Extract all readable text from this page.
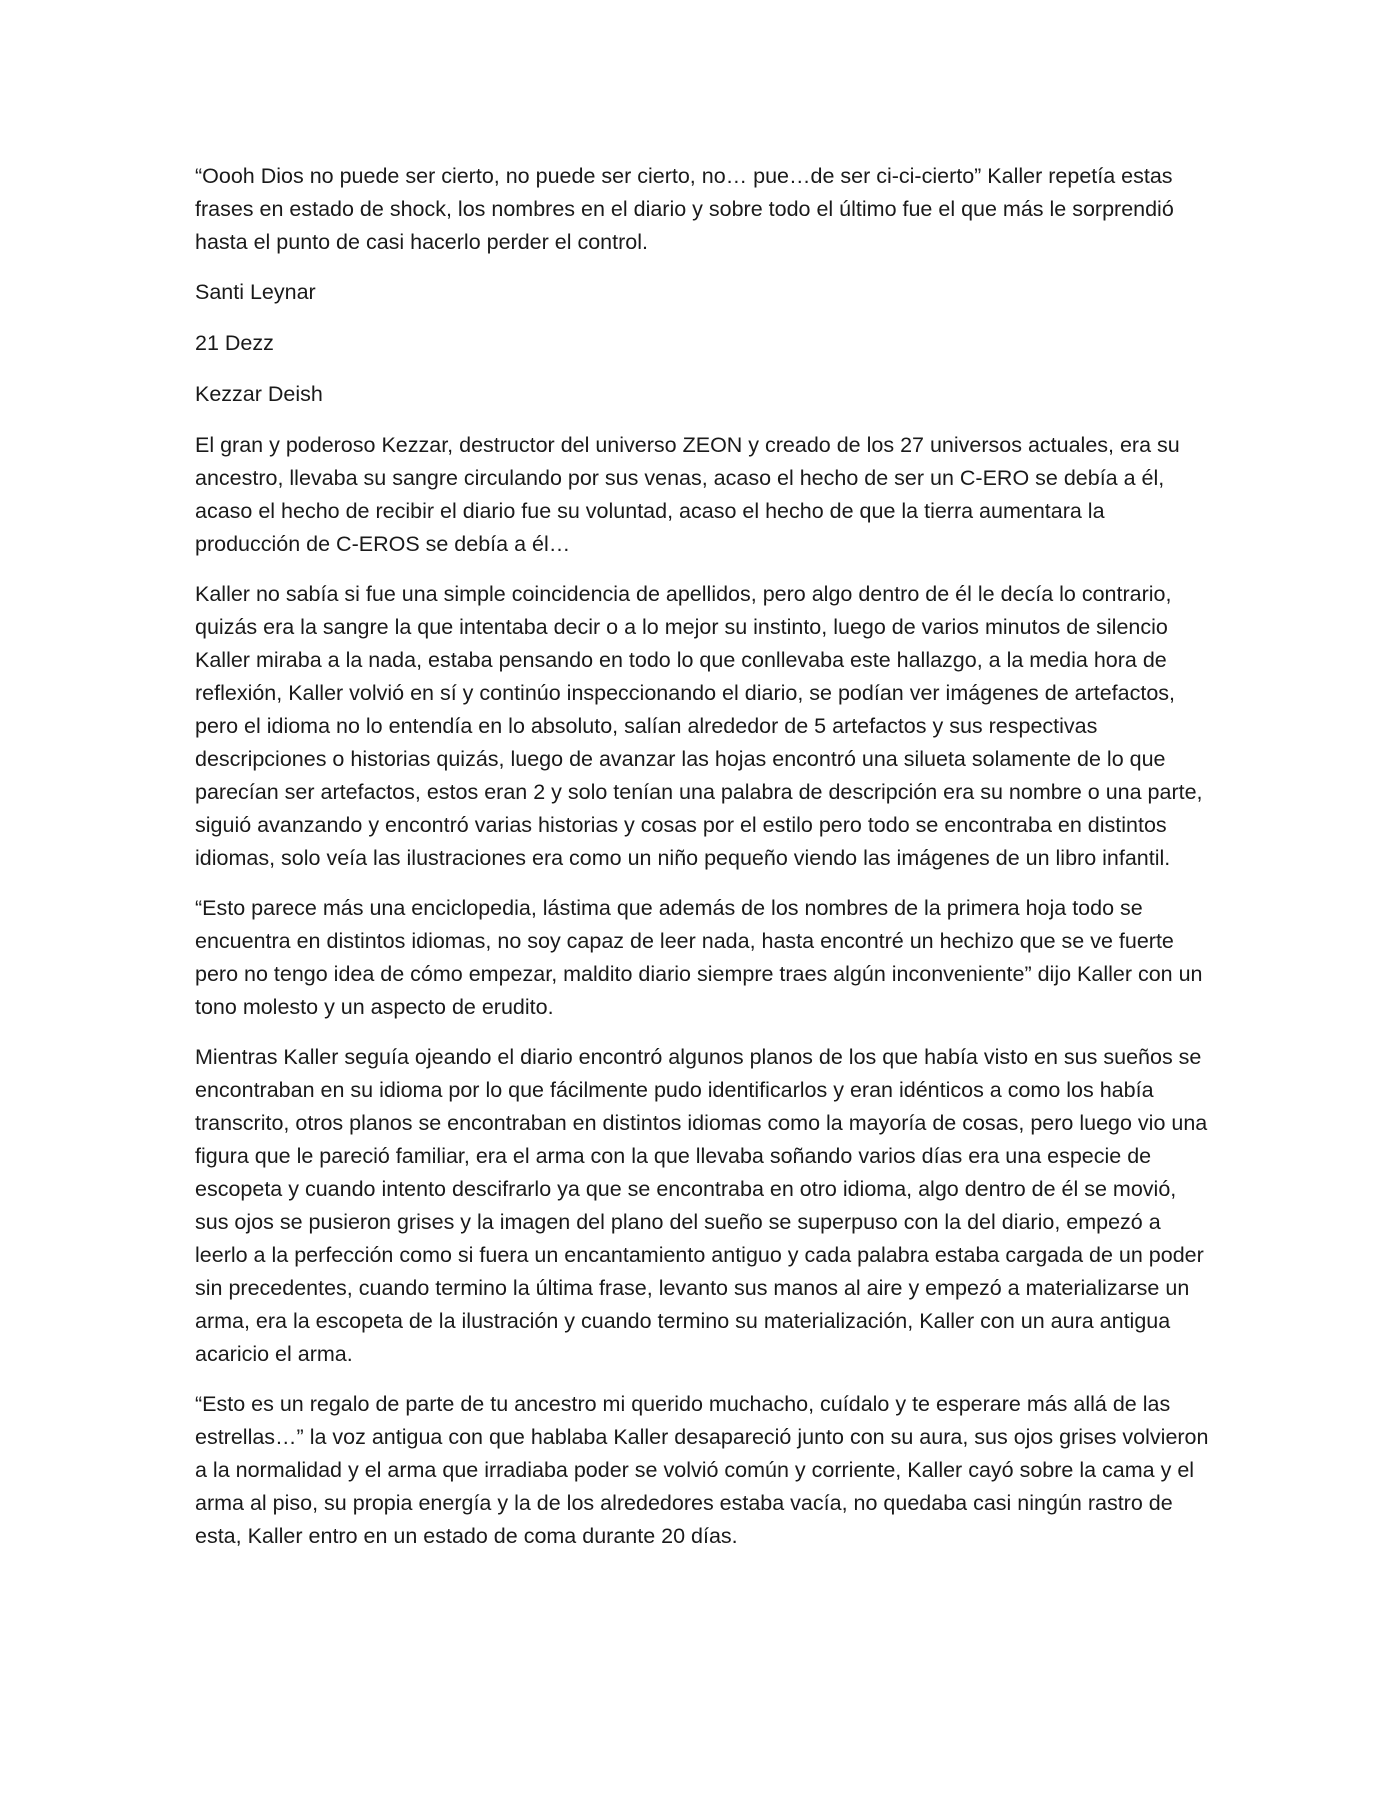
“Oooh Dios no puede ser cierto, no puede ser cierto, no… pue…de ser ci-ci-cierto” Kaller repetía estas frases en estado de shock, los nombres en el diario y sobre todo el último fue el que más le sorprendió hasta el punto de casi hacerlo perder el control.

Santi Leynar

21 Dezz

Kezzar Deish

El gran y poderoso Kezzar, destructor del universo ZEON y creado de los 27 universos actuales, era su ancestro, llevaba su sangre circulando por sus venas, acaso el hecho de ser un C-ERO se debía a él, acaso el hecho de recibir el diario fue su voluntad, acaso el hecho de que la tierra aumentara la producción de C-EROS se debía a él…

Kaller no sabía si fue una simple coincidencia de apellidos, pero algo dentro de él le decía lo contrario, quizás era la sangre la que intentaba decir o a lo mejor su instinto, luego de varios minutos de silencio Kaller miraba a la nada, estaba pensando en todo lo que conllevaba este hallazgo, a la media hora de reflexión, Kaller volvió en sí y continúo inspeccionando el diario, se podían ver imágenes de artefactos, pero el idioma no lo entendía en lo absoluto, salían alrededor de 5 artefactos y sus respectivas descripciones o historias quizás, luego de avanzar las hojas encontró una silueta solamente de lo que parecían ser artefactos, estos eran 2 y solo tenían una palabra de descripción era su nombre o una parte, siguió avanzando y encontró varias historias y cosas por el estilo pero todo se encontraba en distintos idiomas, solo veía las ilustraciones era como un niño pequeño viendo las imágenes de un libro infantil.

“Esto parece más una enciclopedia, lástima que además de los nombres de la primera hoja todo se encuentra en distintos idiomas, no soy capaz de leer nada, hasta encontré un hechizo que se ve fuerte pero no tengo idea de cómo empezar, maldito diario siempre traes algún inconveniente” dijo Kaller con un tono molesto y un aspecto de erudito.

Mientras Kaller seguía ojeando el diario encontró algunos planos de los que había visto en sus sueños se encontraban en su idioma por lo que fácilmente pudo identificarlos y eran idénticos a como los había transcrito, otros planos se encontraban en distintos idiomas como la mayoría de cosas, pero luego vio una figura que le pareció familiar, era el arma con la que llevaba soñando varios días era una especie de escopeta y cuando intento descifrarlo ya que se encontraba en otro idioma, algo dentro de él se movió, sus ojos se pusieron grises y la imagen del plano del sueño se superpuso con la del diario, empezó a leerlo a la perfección como si fuera un encantamiento antiguo y cada palabra estaba cargada de un poder sin precedentes, cuando termino la última frase, levanto sus manos al aire y empezó a materializarse un arma, era la escopeta de la ilustración y cuando termino su materialización, Kaller con un aura antigua acaricio el arma.

“Esto es un regalo de parte de tu ancestro mi querido muchacho, cuídalo y te esperare más allá de las estrellas…” la voz antigua con que hablaba Kaller desapareció junto con su aura, sus ojos grises volvieron a la normalidad y el arma que irradiaba poder se volvió común y corriente, Kaller cayó sobre la cama y el arma al piso, su propia energía y la de los alrededores estaba vacía, no quedaba casi ningún rastro de esta, Kaller entro en un estado de coma durante 20 días.
